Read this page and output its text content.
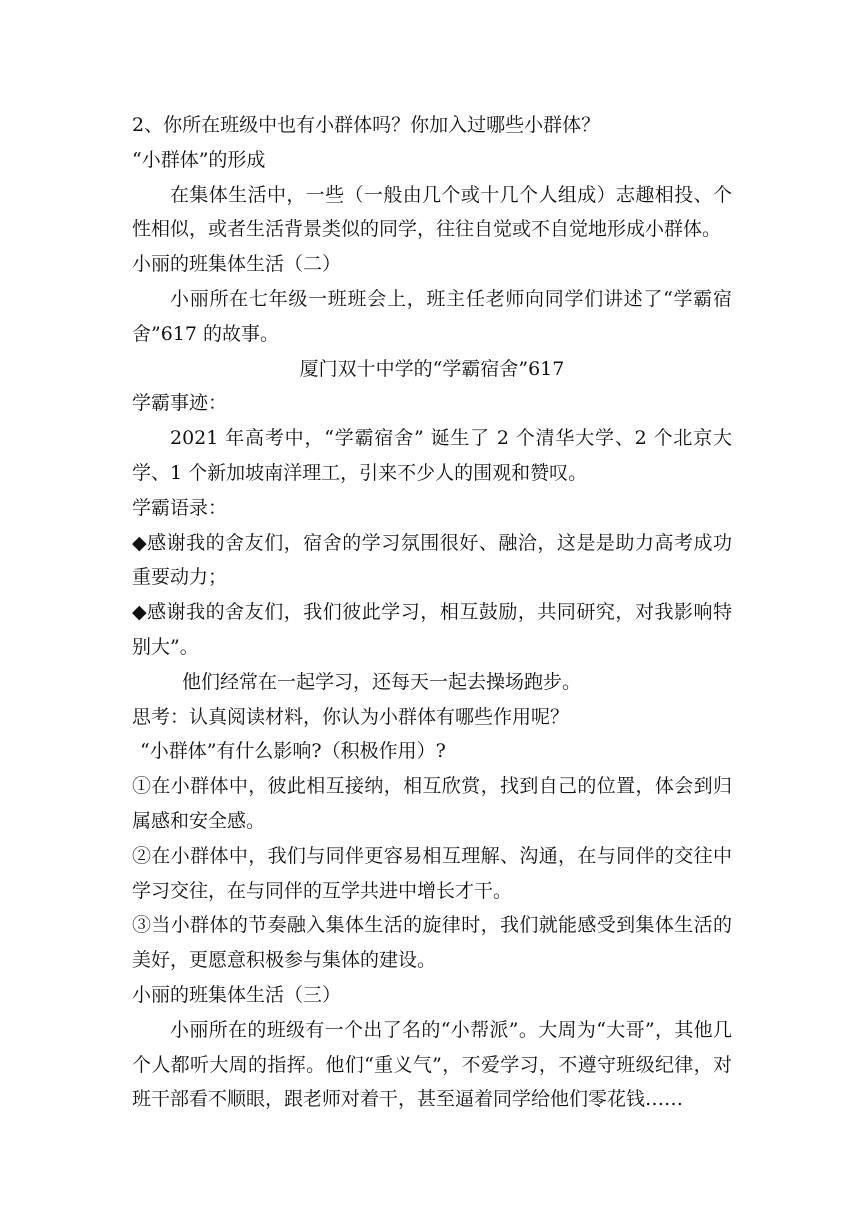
2、你所在班级中也有小群体吗？你加入过哪些小群体？

“小群体”的形成

在集体生活中，一些（一般由几个或十几个人组成）志趣相投、个性相似，或者生活背景类似的同学，往往自觉或不自觉地形成小群体。

小丽的班集体生活（二）

小丽所在七年级一班班会上，班主任老师向同学们讲述了“学霸宿舍”617 的故事。

厦门双十中学的“学霸宿舍”617

学霸事迹：

2021 年高考中，“学霸宿舍” 诞生了 2 个清华大学、2 个北京大学、1 个新加坡南洋理工，引来不少人的围观和赞叹。

学霸语录：

◆感谢我的舍友们，宿舍的学习氛围很好、融洽，这是是助力高考成功重要动力；

◆感谢我的舍友们，我们彼此学习，相互鼓励，共同研究，对我影响特别大”。

他们经常在一起学习，还每天一起去操场跑步。

思考：认真阅读材料，你认为小群体有哪些作用呢？

“小群体”有什么影响?（积极作用）?

①在小群体中，彼此相互接纳，相互欣赏，找到自己的位置，体会到归属感和安全感。

②在小群体中，我们与同伴更容易相互理解、沟通，在与同伴的交往中学习交往，在与同伴的互学共进中增长才干。

③当小群体的节奏融入集体生活的旋律时，我们就能感受到集体生活的美好，更愿意积极参与集体的建设。

小丽的班集体生活（三）

小丽所在的班级有一个出了名的“小帮派”。大周为“大哥”，其他几个人都听大周的指挥。他们“重义气”，不爱学习，不遵守班级纪律，对班干部看不顺眼，跟老师对着干，甚至逼着同学给他们零花钱……
